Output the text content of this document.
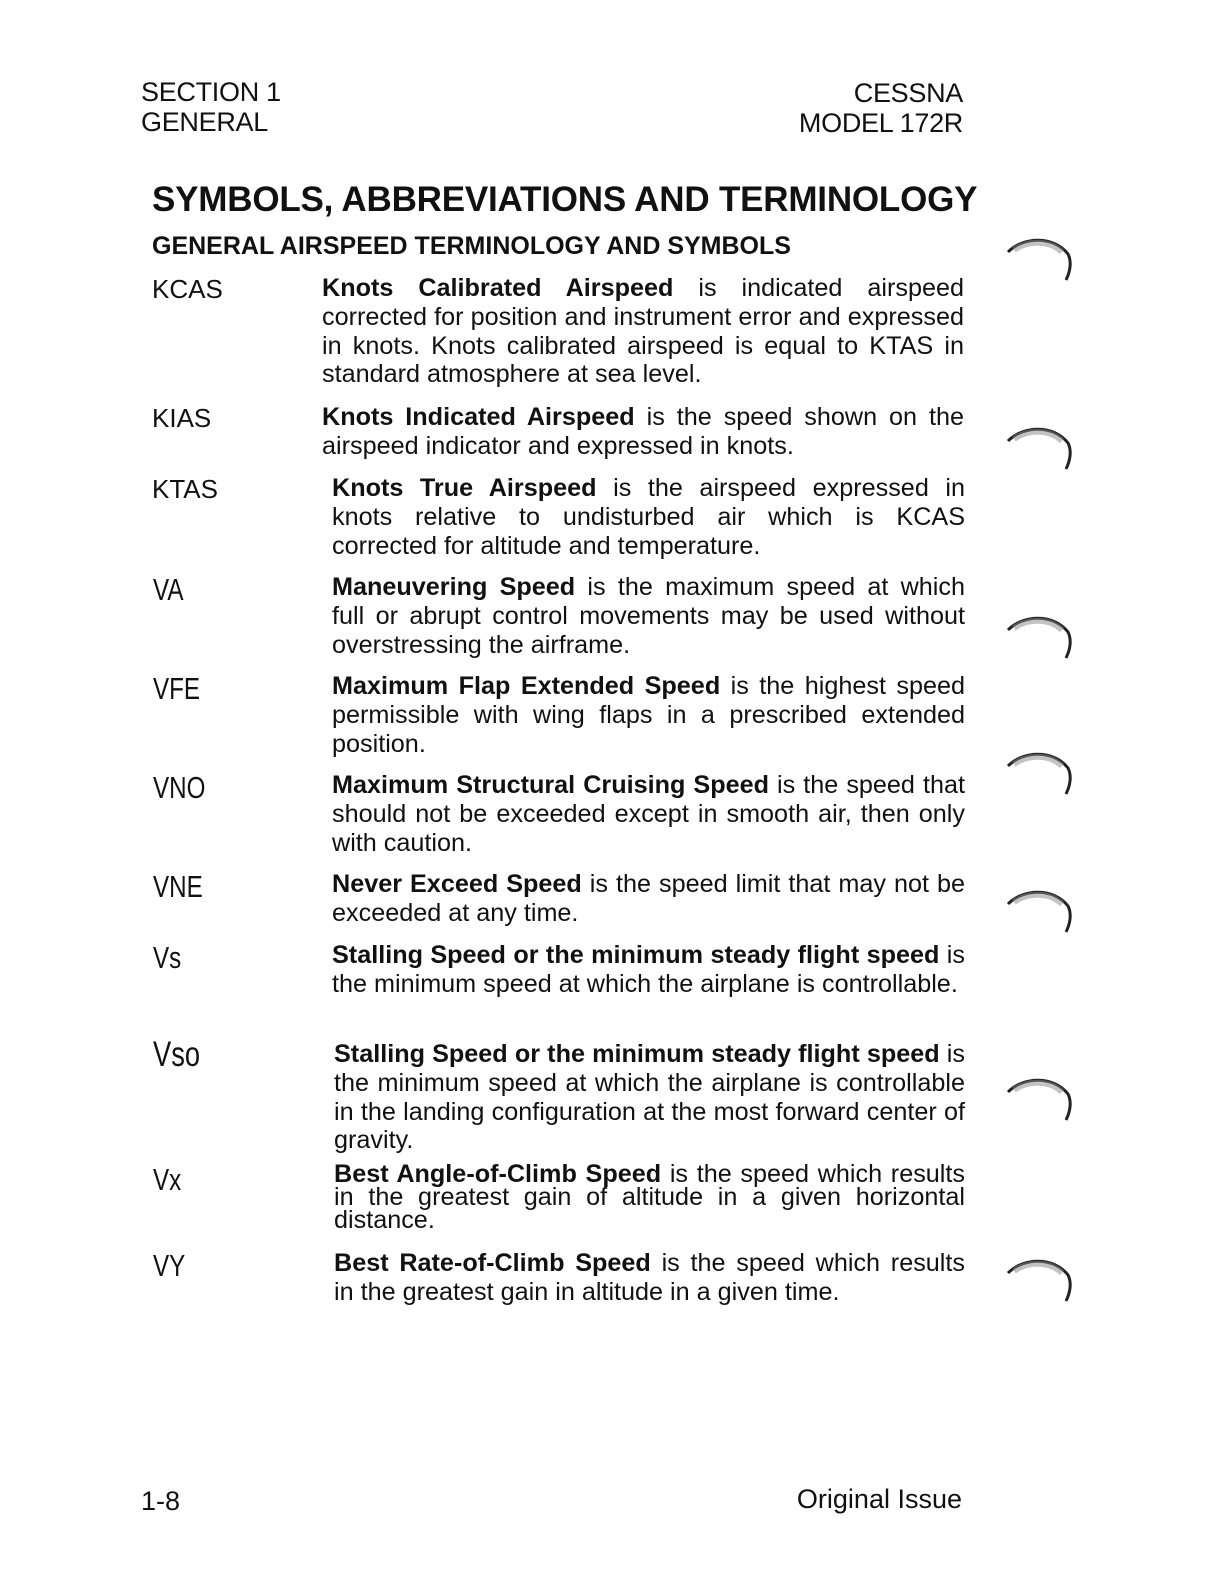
SECTION 1
GENERAL
CESSNA
MODEL 172R
SYMBOLS, ABBREVIATIONS AND TERMINOLOGY
GENERAL AIRSPEED TERMINOLOGY AND SYMBOLS
KCAS	Knots Calibrated Airspeed is indicated airspeed corrected for position and instrument error and expressed in knots. Knots calibrated airspeed is equal to KTAS in standard atmosphere at sea level.
KIAS	Knots Indicated Airspeed is the speed shown on the airspeed indicator and expressed in knots.
KTAS	Knots True Airspeed is the airspeed expressed in knots relative to undisturbed air which is KCAS corrected for altitude and temperature.
VA	Maneuvering Speed is the maximum speed at which full or abrupt control movements may be used without overstressing the airframe.
VFE	Maximum Flap Extended Speed is the highest speed permissible with wing flaps in a prescribed extended position.
VNO	Maximum Structural Cruising Speed is the speed that should not be exceeded except in smooth air, then only with caution.
VNE	Never Exceed Speed is the speed limit that may not be exceeded at any time.
Vs	Stalling Speed or the minimum steady flight speed is the minimum speed at which the airplane is controllable.
Vso	Stalling Speed or the minimum steady flight speed is the minimum speed at which the airplane is controllable in the landing configuration at the most forward center of gravity.
Vx	Best Angle-of-Climb Speed is the speed which results in the greatest gain of altitude in a given horizontal distance.
VY	Best Rate-of-Climb Speed is the speed which results in the greatest gain in altitude in a given time.
1-8	Original Issue
